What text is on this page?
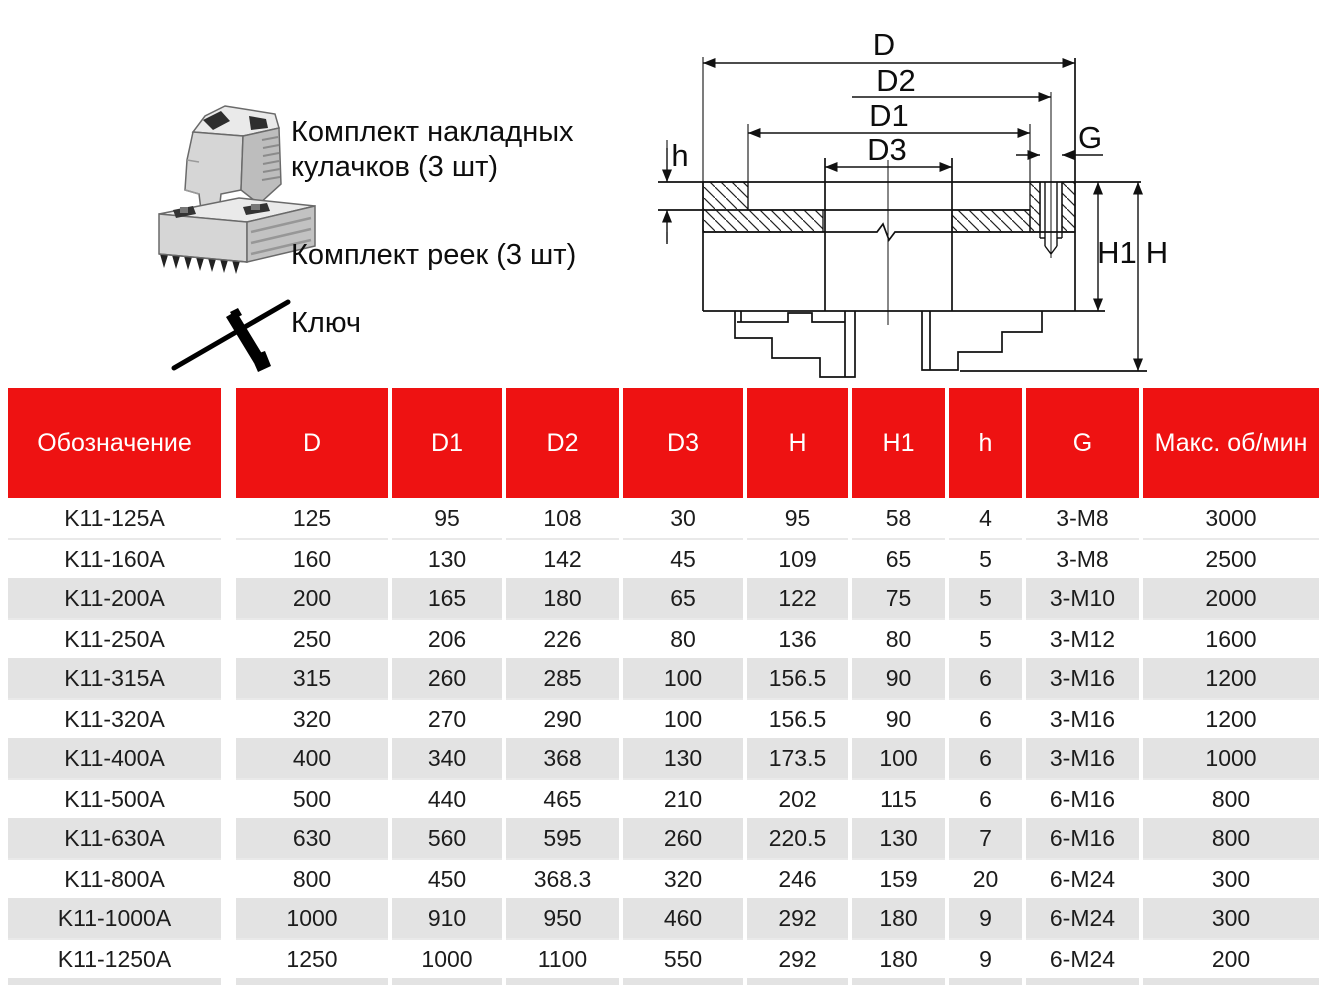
Комплект накладных кулачков (3 шт)
Комплект реек (3 шт)
Ключ
D
D2
D1
D3	G
h
H1 H
Обозначение	D	D1	D2	D3	H	H1	h	G	Макс. об/мин
K11-125A	125	95	108	30	95	58	4	3-M8	3000
K11-160A	160	130	142	45	109	65	5	3-M8	2500
K11-200A	200	165	180	65	122	75	5	3-M10	2000
K11-250A	250	206	226	80	136	80	5	3-M12	1600
K11-315A	315	260	285	100	156.5	90	6	3-M16	1200
K11-320A	320	270	290	100	156.5	90	6	3-M16	1200
K11-400A	400	340	368	130	173.5	100	6	3-M16	1000
K11-500A	500	440	465	210	202	115	6	6-M16	800
K11-630A	630	560	595	260	220.5	130	7	6-M16	800
K11-800A	800	450	368.3	320	246	159	20	6-M24	300
K11-1000A	1000	910	950	460	292	180	9	6-M24	300
K11-1250A	1250	1000	1100	550	292	180	9	6-M24	200
